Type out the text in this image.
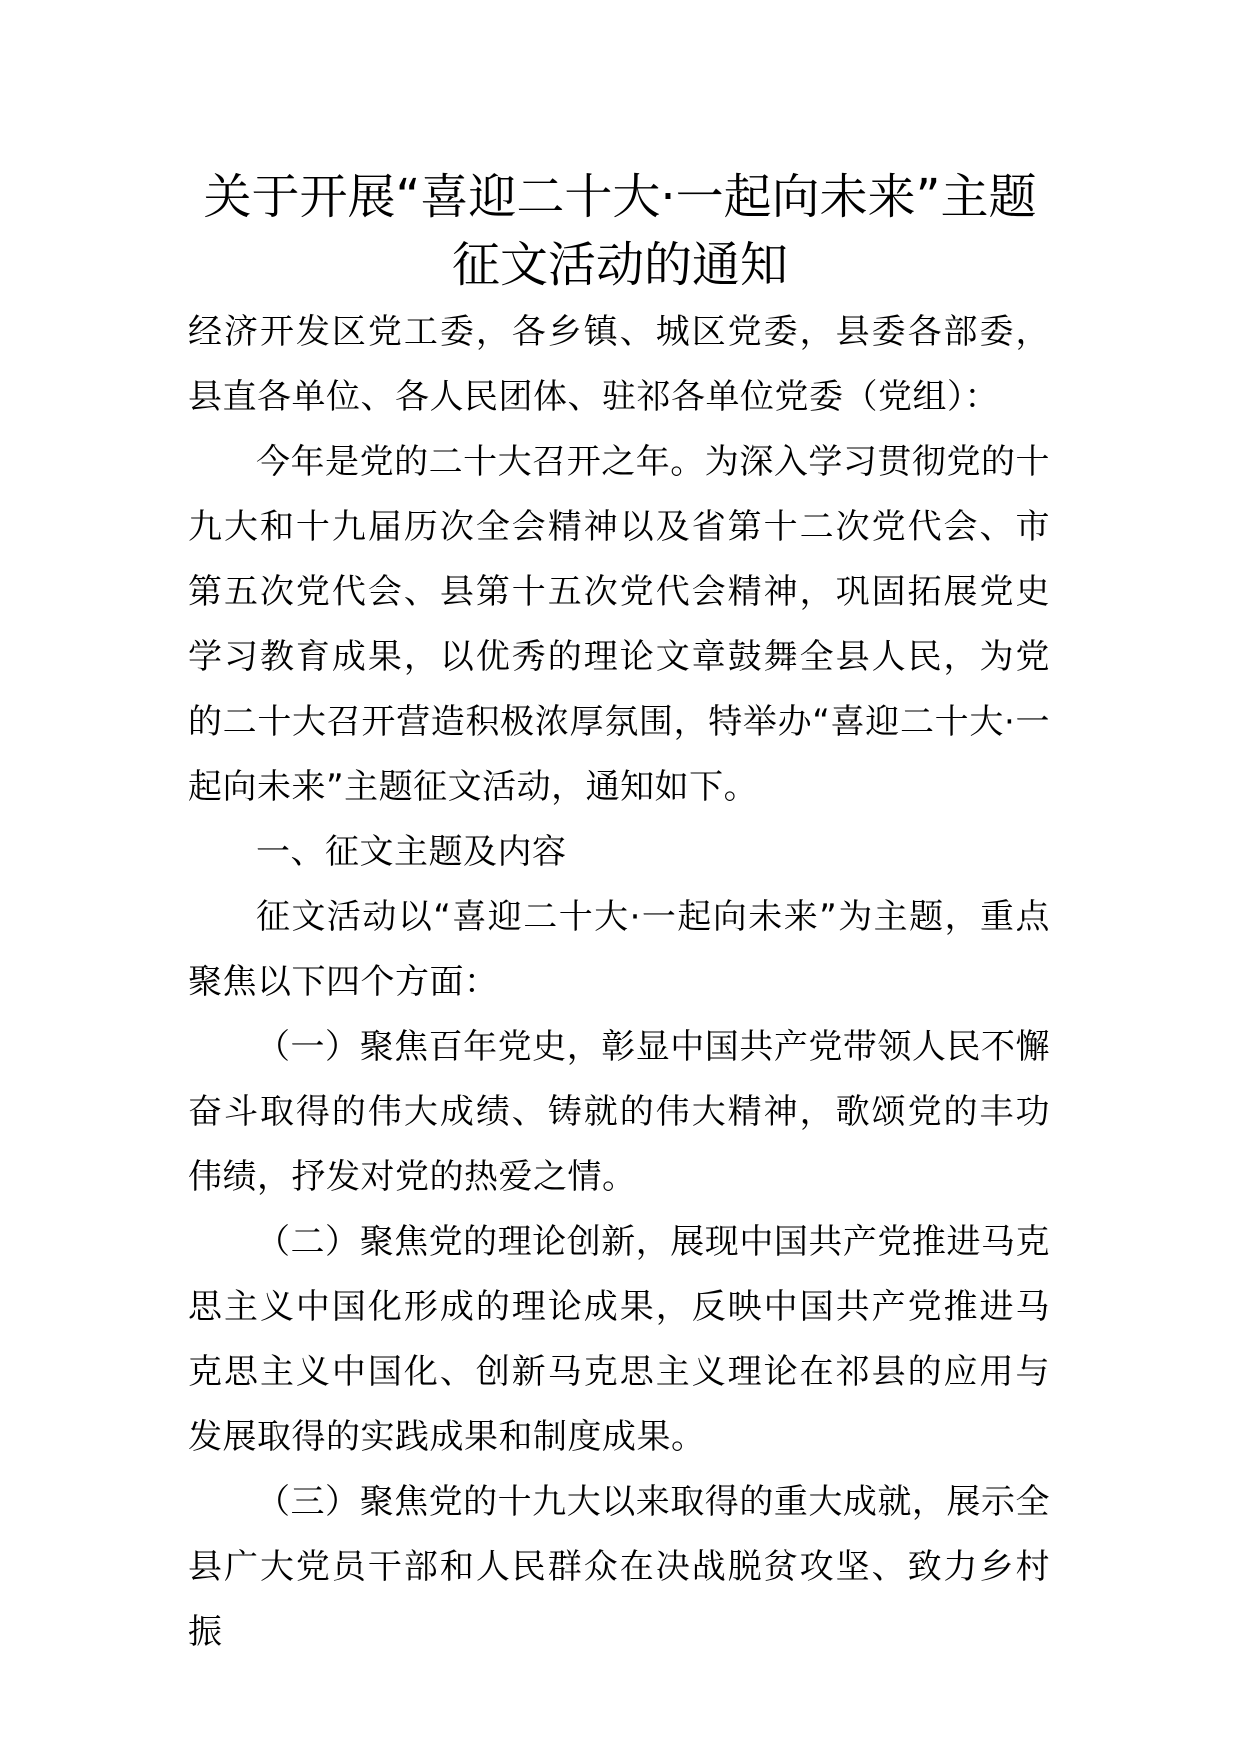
关于开展“喜迎二十大·一起向未来”主题
征文活动的通知

经济开发区党工委，各乡镇、城区党委，县委各部委，县直各单位、各人民团体、驻祁各单位党委（党组）：

今年是党的二十大召开之年。为深入学习贯彻党的十九大和十九届历次全会精神以及省第十二次党代会、市第五次党代会、县第十五次党代会精神，巩固拓展党史学习教育成果，以优秀的理论文章鼓舞全县人民，为党的二十大召开营造积极浓厚氛围，特举办“喜迎二十大·一起向未来”主题征文活动，通知如下。

一、征文主题及内容

征文活动以“喜迎二十大·一起向未来”为主题，重点聚焦以下四个方面：

（一）聚焦百年党史，彰显中国共产党带领人民不懈奋斗取得的伟大成绩、铸就的伟大精神，歌颂党的丰功伟绩，抒发对党的热爱之情。

（二）聚焦党的理论创新，展现中国共产党推进马克思主义中国化形成的理论成果，反映中国共产党推进马克思主义中国化、创新马克思主义理论在祁县的应用与发展取得的实践成果和制度成果。

（三）聚焦党的十九大以来取得的重大成就，展示全县广大党员干部和人民群众在决战脱贫攻坚、致力乡村振
